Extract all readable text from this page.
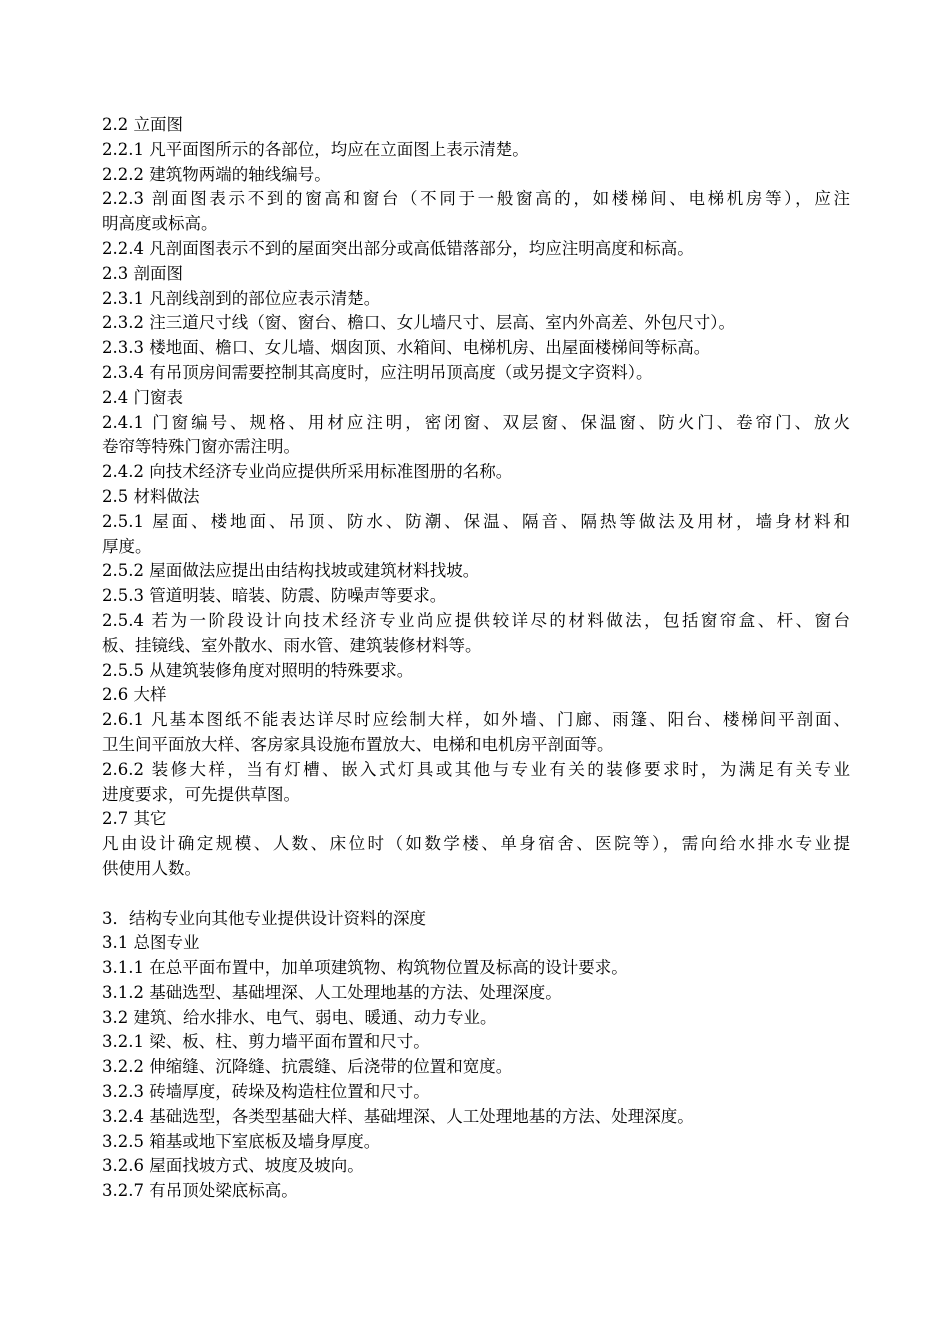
2.2 立面图
2.2.1 凡平面图所示的各部位，均应在立面图上表示清楚。
2.2.2 建筑物两端的轴线编号。
2.2.3 剖面图表示不到的窗高和窗台（不同于一般窗高的，如楼梯间、电梯机房等），应注
明高度或标高。
2.2.4 凡剖面图表示不到的屋面突出部分或高低错落部分，均应注明高度和标高。
2.3 剖面图
2.3.1 凡剖线剖到的部位应表示清楚。
2.3.2 注三道尺寸线（窗、窗台、檐口、女儿墙尺寸、层高、室内外高差、外包尺寸）。
2.3.3 楼地面、檐口、女儿墙、烟囱顶、水箱间、电梯机房、出屋面楼梯间等标高。
2.3.4 有吊顶房间需要控制其高度时，应注明吊顶高度（或另提文字资料）。
2.4 门窗表
2.4.1 门窗编号、规格、用材应注明，密闭窗、双层窗、保温窗、防火门、卷帘门、放火
卷帘等特殊门窗亦需注明。
2.4.2 向技术经济专业尚应提供所采用标准图册的名称。
2.5 材料做法
2.5.1 屋面、楼地面、吊顶、防水、防潮、保温、隔音、隔热等做法及用材，墙身材料和
厚度。
2.5.2 屋面做法应提出由结构找坡或建筑材料找坡。
2.5.3 管道明装、暗装、防震、防噪声等要求。
2.5.4 若为一阶段设计向技术经济专业尚应提供较详尽的材料做法，包括窗帘盒、杆、窗台
板、挂镜线、室外散水、雨水管、建筑装修材料等。
2.5.5 从建筑装修角度对照明的特殊要求。
2.6 大样
2.6.1 凡基本图纸不能表达详尽时应绘制大样，如外墙、门廊、雨篷、阳台、楼梯间平剖面、
卫生间平面放大样、客房家具设施布置放大、电梯和电机房平剖面等。
2.6.2 装修大样，当有灯槽、嵌入式灯具或其他与专业有关的装修要求时，为满足有关专业
进度要求，可先提供草图。
2.7 其它
凡由设计确定规模、人数、床位时（如数学楼、单身宿舍、医院等），需向给水排水专业提
供使用人数。
3．结构专业向其他专业提供设计资料的深度
3.1 总图专业
3.1.1 在总平面布置中，加单项建筑物、构筑物位置及标高的设计要求。
3.1.2 基础选型、基础埋深、人工处理地基的方法、处理深度。
3.2 建筑、给水排水、电气、弱电、暖通、动力专业。
3.2.1 梁、板、柱、剪力墙平面布置和尺寸。
3.2.2 伸缩缝、沉降缝、抗震缝、后浇带的位置和宽度。
3.2.3 砖墙厚度，砖垛及构造柱位置和尺寸。
3.2.4 基础选型，各类型基础大样、基础埋深、人工处理地基的方法、处理深度。
3.2.5 箱基或地下室底板及墙身厚度。
3.2.6 屋面找坡方式、坡度及坡向。
3.2.7 有吊顶处梁底标高。
